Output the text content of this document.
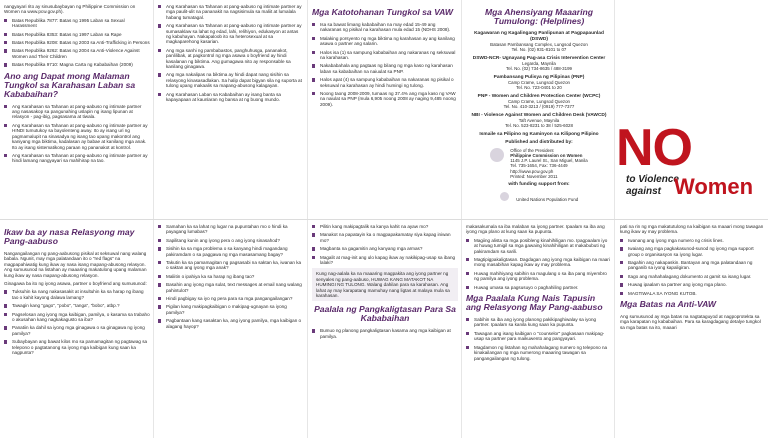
nangyayari rito ay sinusubaybayan ng Philippine Commission on Women na www.pcw.gov.ph).

Batas Republika 7877: Batas ng 1995 Laban sa Sexual Harassment
Batas Republika 8353: Batas ng 1997 Laban sa Rape
Batas Republika 9208: Batas ng 2003 sa Anti-Trafficking in Persons
Batas Republika 9262: Batas ng 2004 sa Anti-Violence Against Women and Their Children
Batas Republika 9710: Magna Carta ng Kababaihan (2009)
Ano ang Dapat mong Malaman Tungkol sa Karahasan Laban sa Kababaihan?
Ang Karahasan sa Tahanan at pang-aabuso ng intimate partner ang nasasakop sa pangunahing uslapin ng isang lipunan at relasyon - pag-ibig, pagsasama at tiwala.
Ang Karahasan sa Tahanan at pang-aabuso ng intimate partner ay HINDI tumutukoy sa bayolenteng away. Ito ay isang uri ng pagmamalupit na sinasadya ng isang tao upang makontrol ang kaniyang mga biktima, kadalasan ay babae at kanilang mga anak. Ito ay isang sistematikong paraan ng pananakot at kontrol.
Ang Karahasan sa Tahanan at pang-aabuso ng intimate partner ay hindi lamang nangyayari sa mahihirap na tao.
Ikaw ba ay nasa Relasyong may Pang-aabuso

Nangangailangan ng pang-aabusong pisikal at seksuwal nang walang babala. Ngunit, may mga palatandaan ito o "red flags" na magpapahiwatig kung ikaw ay nasa isang mapang-abusong relasyon. Ang sumusunod na listahan ay maaaring makatulong upang malaman kung ikaw ay nasa mapang-abusong relasyon.

Ginagawa ba ito ng iyong asawa, partner o boyfriend ang sumusunod:

Tuksuhin ka nang nakasasakit at insultuhin ka sa harap ng ibang tao o kahit kayong dalawa lamang?
Tawagin kang "gago", "pobo", "tanga", "bobo", atbp.?
Pagselosan ang iyong mga kaibigan, pamilya, o kasama sa trabaho o akusahan kang nagkakagusto sa iba?
Panatiin ka dahil sa iyong mga ginagawa o sa ginagawa ng iyong pamilya?
Subaybayan ang bawat kilos mo sa pamamagitan ng pagtawag sa telepono o pagtatanong sa iyong mga kaibigan kung saan ka nagpunta?
Ang Karahasan sa Tahanan at pang-aabuso ng intimate partner ay mga paulit-ulit na pananakit na nagsisimula sa maliit at lumalala habang tumatagal.
Ang Karahasan sa Tahanan at pang-aabuso ng intimate partner ay sumasaklaw sa lahat ng edad, lahi, relihiyon, edukasyon at antas ng kabuhayan. Nakapaloob ito sa heterosexual at sa magkaparehong kasarian.
Ang mga sanhi ng pambabastos, panghuhusga, pananakot, panlilibak, at pagkontrol ng mga asawa o boyfriend ay hindi kasalanan ng biktima. Ang gumagawa nito ay responsable sa kanilang ginagawa.
Ang mga nakalipas na biktima ay hindi dapat nang sisihin sa relasyong kinasasadlakan. Sa halip dapat bigyan sila ng suporta at tulong upang makaalis sa mapang-abusong kalagayan.
Ang Karahasan Laban sa Kababaihan ay isang banta sa kapayapaan at kaunlaran ng bansa at ng buong mundo.
Samahan ka sa lahat ng lugar na pupuntahan mo o hindi ka payagang lumabas?
Sapilitang kunin ang iyong pera o ang iyong sinasahod?
Sisihin ka sa mga problema o sa kanyang hindi magandang pakiramdam o sa paggawa ng mga masasamang bagay?
Takutin ka sa pamamagitan ng pagsasabi na saktan ka, iwanan ka o saktan ang iyong mga anak?
Maliitin o ipahiya ka sa harap ng ibang tao?
Basahin ang iyong mga sulat, text messages at email nang walang pahintulot?
Hindi pagbigay sa iyo ng pera para sa mga pangangailangan?
Pigilan kang makipagkaibigan o makipag-ugnayan sa iyong pamilya?
Pagbantaan kang sasaktan ka, ang iyong pamilya, mga kaibigan o alagang hayop?
Mga Katotohanan Tungkol sa VAW
Isa sa bawat limang kababaihan na may edad 15-49 ang nakaranas ng pisikal na karahasan mula edad 15 (NDHS 2008).
Malaking porsyento ng mga biktima ng karahasan ay ang kanilang asawa o partner ang salarin.
Halos isa (1) sa sampung kababaihan ang nakaranas ng seksuwal na karahasan.
Nakababahala ang pagtaas ng bilang ng mga kaso ng karahasan laban sa kababaihan na naiuulat sa PNP.
Halos apat (4) sa sampung kababaihan na nakaranas ng pisikal o seksuwal na karahasan ay hindi humingi ng tulong.
Noong taong 2008-2009, tumaas ng 37.4% ang mga kaso ng VAW na naiulat sa PNP (mula 6,905 noong 2008 ay naging 9,485 noong 2009).
Pilitin kang makipagtalik sa kanya kahit na ayaw mo?
Manakot na papatayin ka o magpapakamatay siya kapag iniwan mo?
Magbanta na gagamitin ang kanyang mga armas?
Magalit at mag-init ang ulo kapag ikaw ay nakikipag-usap sa ibang lalaki?

Kung nag-aalala ka na maaaring magpakita ang iyong partner ng senyales ng pang-aabuso, HUWAG KANG MATAKOT NA HUMINGI NG TULONG. Walang dahilan para sa karahasan. Ang lahat ay may karapatang mamuhay nang ligtas at malaya mula sa karahasan.

Paalala ng Pangkaligtasan Para Sa Kababaihan
Bumuo ng planong pangkaligtasan kasama ang mga kaibigan at pamilya.
Mga Ahensiyang Maaaring Tumulong: (Helplines)
Kagawaran ng Kagalingang Panlipunan at Pagpapaunlad (DSWD)
Batasan Pambansang Complex, Lungsod Quezon
Tel. No. (02) 931-8101 to 07
DSWD-NCR- Ugnayang Pag-asa Crisis Intervention Center
Legarda, Maynila
Tel. No. (02) 734-8635 / 488-3199
Pambansang Pulisya ng Pilipinas (PNP)
Camp Crame, Lungsod Quezon
Tel. No. 723-0401 to 20
PNP - Women and Children Protection Center (WCPC)
Camp Crame, Lungsod Quezon
Tel. No. 410-3213 / (0919) 777-7377
NBI - Violence Against Women and Children Desk (VAWCD)
Taft Avenue, Maynila
Tel. No. 523-8231 to 38 / 525-6028
Ismaile sa Pilipino ng Kaminyon sa Kilipong Pilipino
Published and distributed by:
Office of the President
Philippine Commission on Women
1145 J.P. Laurel St., San Miguel, Manila
Tel. 735-1654, Fax: 736-4449
http://www.pcw.gov.ph
Printed: November 2011
with funding support from:
United Nations Population Fund

makasakumala sa iba malaban sa iyong partner. Ipaalam sa iba ang iyong mga plano at kung saan ka pupunta.

Magiing alista sa mga posibleng kinahihiligan mo. Ipagpaalam iyo at huwag tumigil sa mga gawaing kinahihiligan at makabubuti ng pakiramdam sa sarili.
Magtipigpakaligtasan. Dagdagan ang iyong mga kaibigan na maari mong masabihan kapag ikaw ay may problema.
Huwag mahihiyang sabihin sa magulang o sa iba pang miyembro ng pamilya ang iyong problema.
Huwag umasa sa pagsusuyo o paghahiling partner.
Mga Paalala Kung Nais Tapusin ang Relasyong May Pang-aabuso
Sabihin sa iba ang iyong planong pakikipaghiwalay sa iyong partner. Ipaalam sa kanila kung saan ka pupunta.
Tawagan ang isang kaibigan o "counselor" pagkasaan makipag-usap sa partner para maikuwento ang pangyayari.
Magdamon ng listahan ng mahahalagang numero ng telepono na kinakailangan ng mga numerong maaaring tawagan sa pangangailangan ng tulong.
NO
to Violence
against Women

pati na rin ng mga makatutulong na kaibigan sa maaari mong tawagan kung ikaw ay may problema.

Iwanang ang iyong mga numero ng crisis lines.
Iwaiang ang mga pagkakasunod-sunod ng iyong mga support group o organisasyon sa iyong lugar.
Bagahin ang nakapaskin. Bantayan ang mga palatandaan ng panganib sa iyong kapaligiran.
Itago ang mahahalagang dokumento at gamit sa isang lugar.
Huwag ipaalam sa partner ang iyong mga plano.
MAGTIWALA SA IYONG KUTOB.
Mga Batas na Anti-VAW

Ang sumusunod ay mga batas na nagtataguyod at nagpoprotekta sa mga karapatan ng kababaihan. Para sa karagdagang detalye tungkol sa mga batas na ito, maaari
